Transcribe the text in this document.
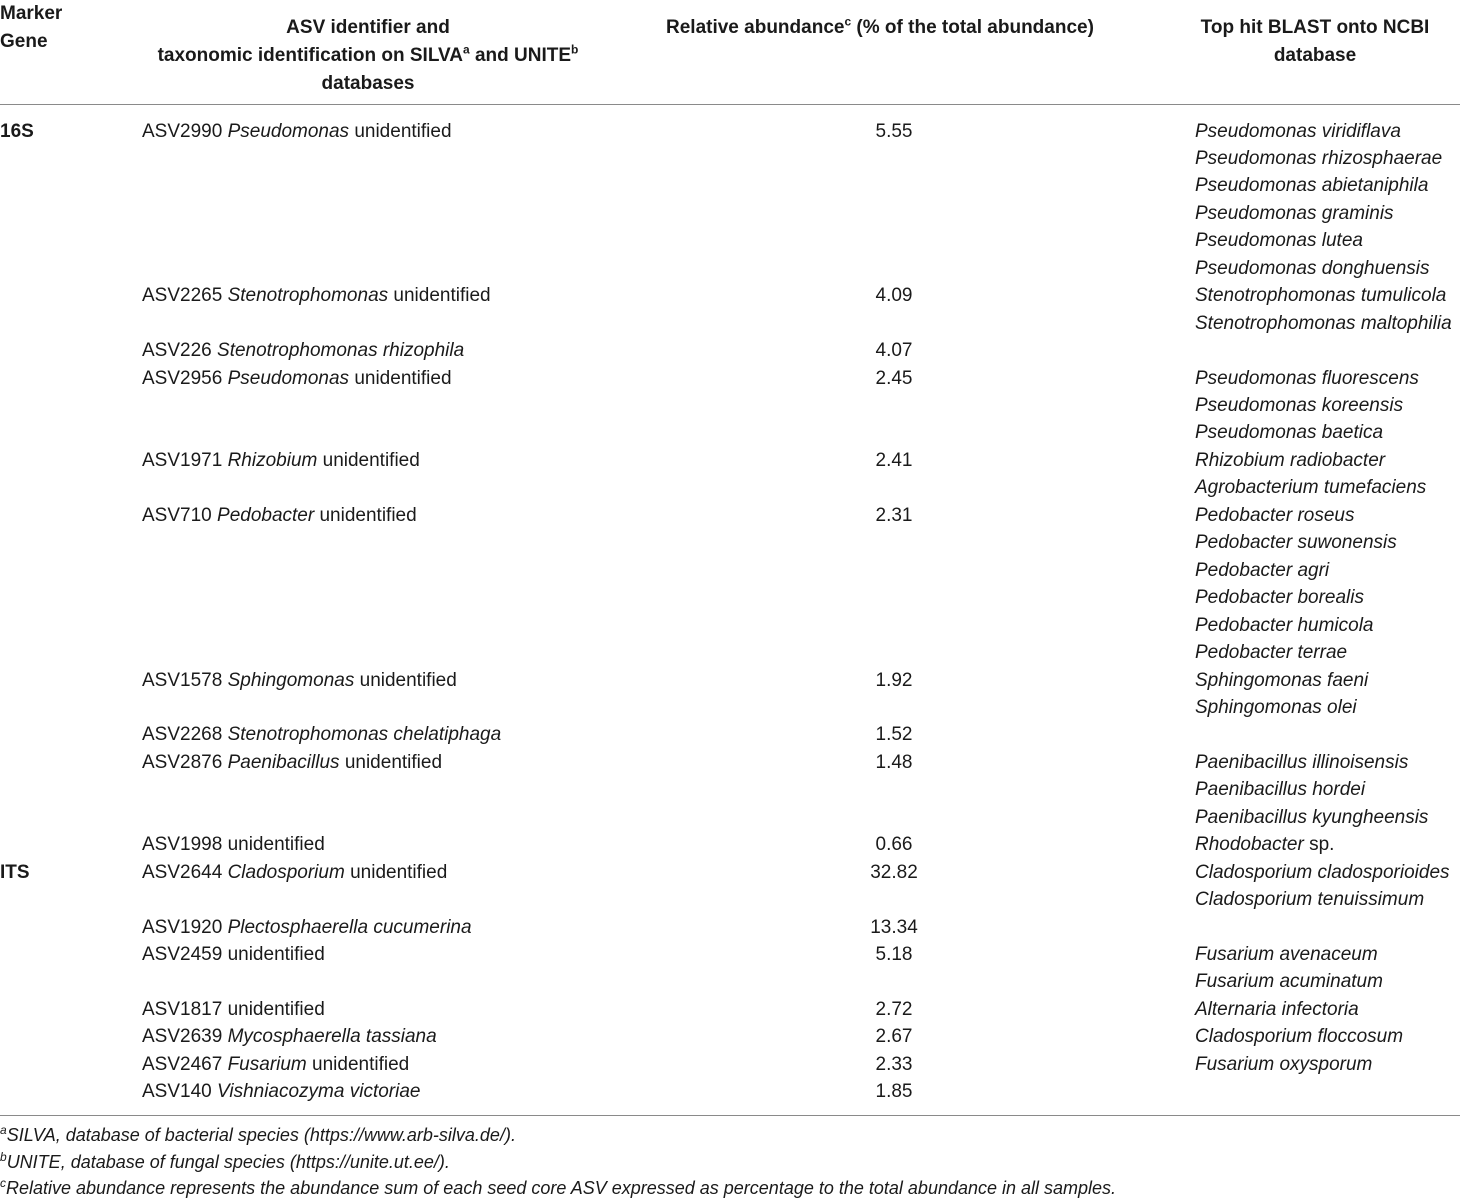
Marker Gene
ASV identifier and
taxonomic identification on SILVA$^a$ and UNITE$^b$
databases
Relative abundance$^c$ (% of the total abundance)	Top hit BLAST onto NCBI
database
16S	ASV2990 Pseudomonas unidentified	5.55	Pseudomonas viridiflava
Pseudomonas rhizosphaerae
Pseudomonas abietaniphila
Pseudomonas graminis
Pseudomonas lutea
Pseudomonas donghuensis
ASV2265 Stenotrophomonas unidentified	4.09	Stenotrophomonas tumulicola
Stenotrophomonas maltophilia
ASV226 Stenotrophomonas rhizophila	4.07
ASV2956 Pseudomonas unidentified	2.45	Pseudomonas fluorescens
Pseudomonas koreensis
Pseudomonas baetica
ASV1971 Rhizobium unidentified	2.41	Rhizobium radiobacter
Agrobacterium tumefaciens
ASV710 Pedobacter unidentified	2.31	Pedobacter roseus
Pedobacter suwonensis
Pedobacter agri
Pedobacter borealis
Pedobacter humicola
Pedobacter terrae
ASV1578 Sphingomonas unidentified	1.92	Sphingomonas faeni
Sphingomonas olei
ASV2268 Stenotrophomonas chelatiphaga	1.52
ASV2876 Paenibacillus unidentified	1.48	Paenibacillus illinoisensis
Paenibacillus hordei
Paenibacillus kyungheensis
ASV1998 unidentified	0.66	Rhodobacter sp.
ITS	ASV2644 Cladosporium unidentified	32.82	Cladosporium cladosporioides
Cladosporium tenuissimum
ASV1920 Plectosphaerella cucumerina	13.34
ASV2459 unidentified	5.18	Fusarium avenaceum
Fusarium acuminatum
ASV1817 unidentified	2.72	Alternaria infectoria
ASV2639 Mycosphaerella tassiana	2.67	Cladosporium floccosum
ASV2467 Fusarium unidentified	2.33	Fusarium oxysporum
ASV140 Vishniacozyma victoriae	1.85
$^a$SILVA, database of bacterial species (https://www.arb-silva.de/).
$^b$UNITE, database of fungal species (https://unite.ut.ee/).
$^c$Relative abundance represents the abundance sum of each seed core ASV expressed as percentage to the total abundance in all samples.
